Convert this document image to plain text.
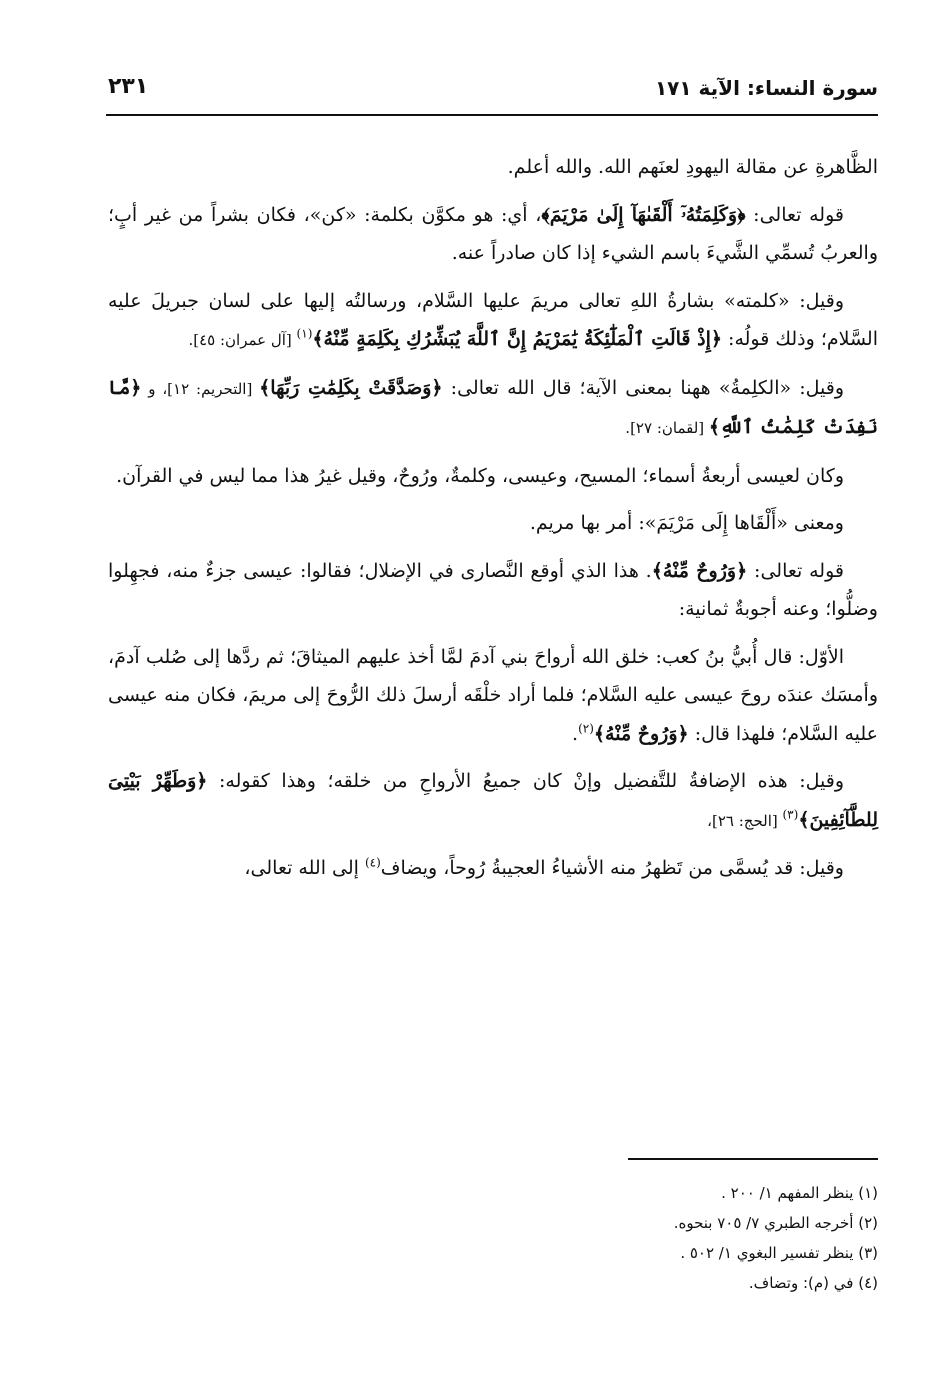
سورة النساء: الآية ١٧١
٢٣١

الظَّاهرةِ عن مقالة اليهودِ لعنَهم الله. والله أعلم.

قوله تعالى: ﴿وَكَلِمَتُهُۥٓ أَلْقَىٰهَآ إِلَىٰ مَرْيَمَ﴾، أي: هو مكوَّن بكلمة: «كن»، فكان بشراً من غير أبٍ؛ والعربُ تُسمِّي الشَّيءَ باسم الشيء إذا كان صادراً عنه.

وقيل: «كلمته» بشارةُ اللهِ تعالى مريمَ عليها السَّلام، ورسالتُه إليها على لسان جبريلَ عليه السَّلام؛ وذلك قولُه: ﴿إِذْ قَالَتِ ٱلْمَلَٰٓئِكَةُ يَٰمَرْيَمُ إِنَّ ٱللَّهَ يُبَشِّرُكِ بِكَلِمَةٍ مِّنْهُ﴾$^{(١)}$ [آل عمران: ٤٥].

وقيل: «الكلِمةُ» ههنا بمعنى الآية؛ قال الله تعالى: ﴿وَصَدَّقَتْ بِكَلِمَٰتِ رَبِّهَا﴾ [التحريم: ١٢]، و ﴿مَّا نَفِدَتْ كَلِمَٰتُ ٱللَّهِ﴾ [لقمان: ٢٧].

وكان لعيسى أربعةُ أسماء؛ المسيح، وعيسى، وكلمةٌ، ورُوحٌ، وقيل غيرُ هذا مما ليس في القرآن.

ومعنى «أَلْقَاها إِلَى مَرْيَمَ»: أمر بها مريم.

قوله تعالى: ﴿وَرُوحٌ مِّنْهُ﴾. هذا الذي أوقع النَّصارى في الإضلال؛ فقالوا: عيسى جزءٌ منه، فجهِلوا وضلُّوا؛ وعنه أجوبةٌ ثمانية:

الأوّل: قال أُبيُّ بنُ كعب: خلق الله أرواحَ بني آدمَ لمَّا أخذ عليهم الميثاقَ؛ ثم ردَّها إلى صُلب آدمَ، وأمسَك عندَه روحَ عيسى عليه السَّلام؛ فلما أراد خلْقَه أرسلَ ذلك الرُّوحَ إلى مريمَ، فكان منه عيسى عليه السَّلام؛ فلهذا قال: ﴿وَرُوحٌ مِّنْهُ﴾$^{(٢)}$.

وقيل: هذه الإضافةُ للتَّفضيل وإنْ كان جميعُ الأرواحِ من خلقه؛ وهذا كقوله: ﴿وَطَهِّرْ بَيْتِىَ لِلطَّآئِفِينَ﴾$^{(٣)}$ [الحج: ٢٦]،

وقيل: قد يُسمَّى من تَظهرُ منه الأشياءُ العجيبةُ رُوحاً، ويضاف$^{(٤)}$ إلى الله تعالى،

(١) ينظر المفهم ١/ ٢٠٠ .

(٢) أخرجه الطبري ٧/ ٧٠٥ بنحوه.

(٣) ينظر تفسير البغوي ١/ ٥٠٢ .

(٤) في (م): وتضاف.
